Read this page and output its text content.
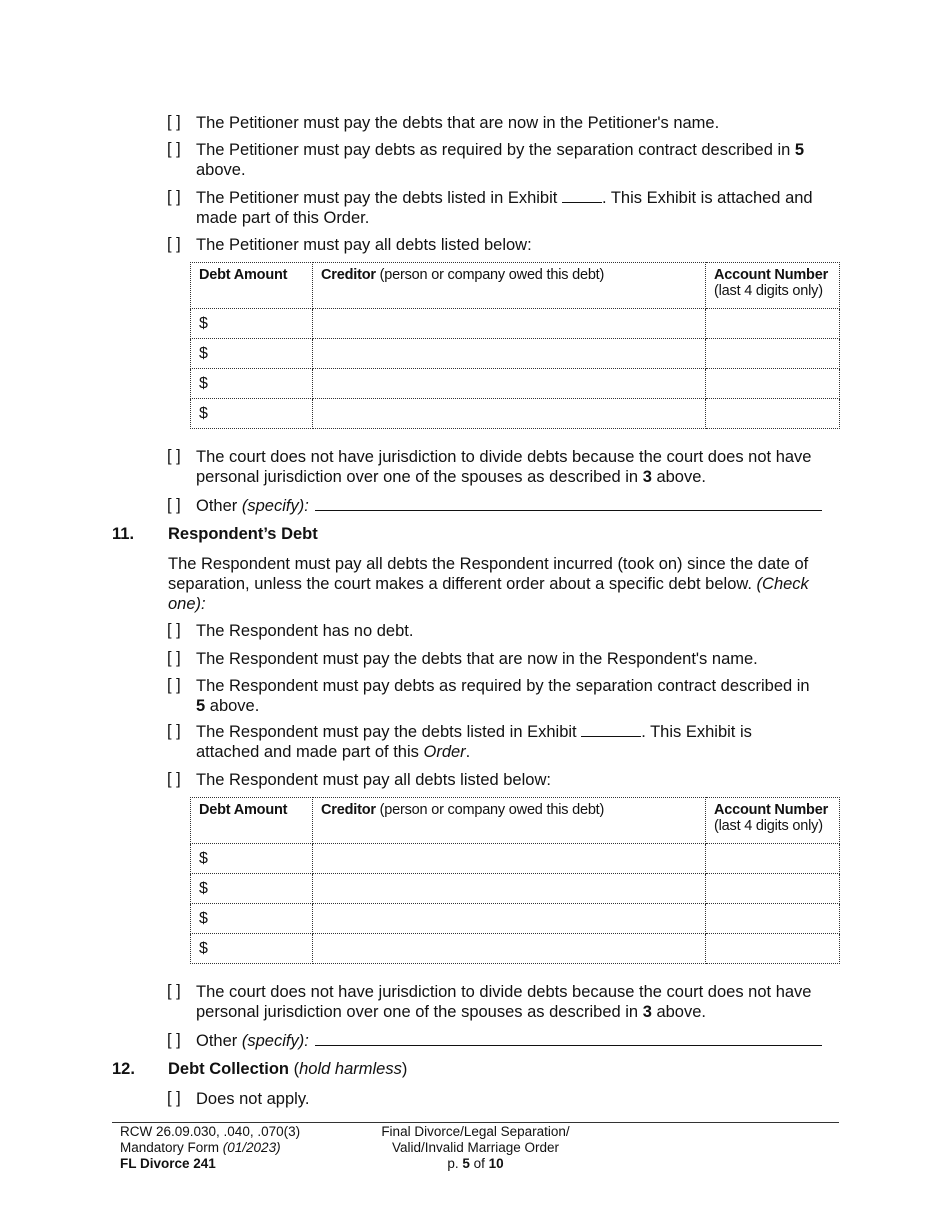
[ ] The Petitioner must pay the debts that are now in the Petitioner's name.
[ ] The Petitioner must pay debts as required by the separation contract described in 5
above.
[ ] The Petitioner must pay the debts listed in Exhibit . This Exhibit is attached and
made part of this Order.
[ ] The Petitioner must pay all debts listed below:
Debt Amount	Creditor (person or company owed this debt)	Account Number
(last 4 digits only)
$		
$		
$		
$		
[ ] The court does not have jurisdiction to divide debts because the court does not have
personal jurisdiction over one of the spouses as described in 3 above.
[ ] Other (specify):
11. Respondent’s Debt
The Respondent must pay all debts the Respondent incurred (took on) since the date of
separation, unless the court makes a different order about a specific debt below. (Check
one):
[ ] The Respondent has no debt.
[ ] The Respondent must pay the debts that are now in the Respondent's name.
[ ] The Respondent must pay debts as required by the separation contract described in
5 above.
[ ] The Respondent must pay the debts listed in Exhibit	. This Exhibit is
attached and made part of this Order.
[ ] The Respondent must pay all debts listed below:
Debt Amount	Creditor (person or company owed this debt)	Account Number
(last 4 digits only)
$		
$		
$		
$		
[ ] The court does not have jurisdiction to divide debts because the court does not have
personal jurisdiction over one of the spouses as described in 3 above.
[ ] Other (specify):
12. Debt Collection (hold harmless)
[ ] Does not apply.
RCW 26.09.030, .040, .070(3)
Mandatory Form (01/2023)
FL Divorce 241
Final Divorce/Legal Separation/
Valid/Invalid Marriage Order
p. 5 of 10
